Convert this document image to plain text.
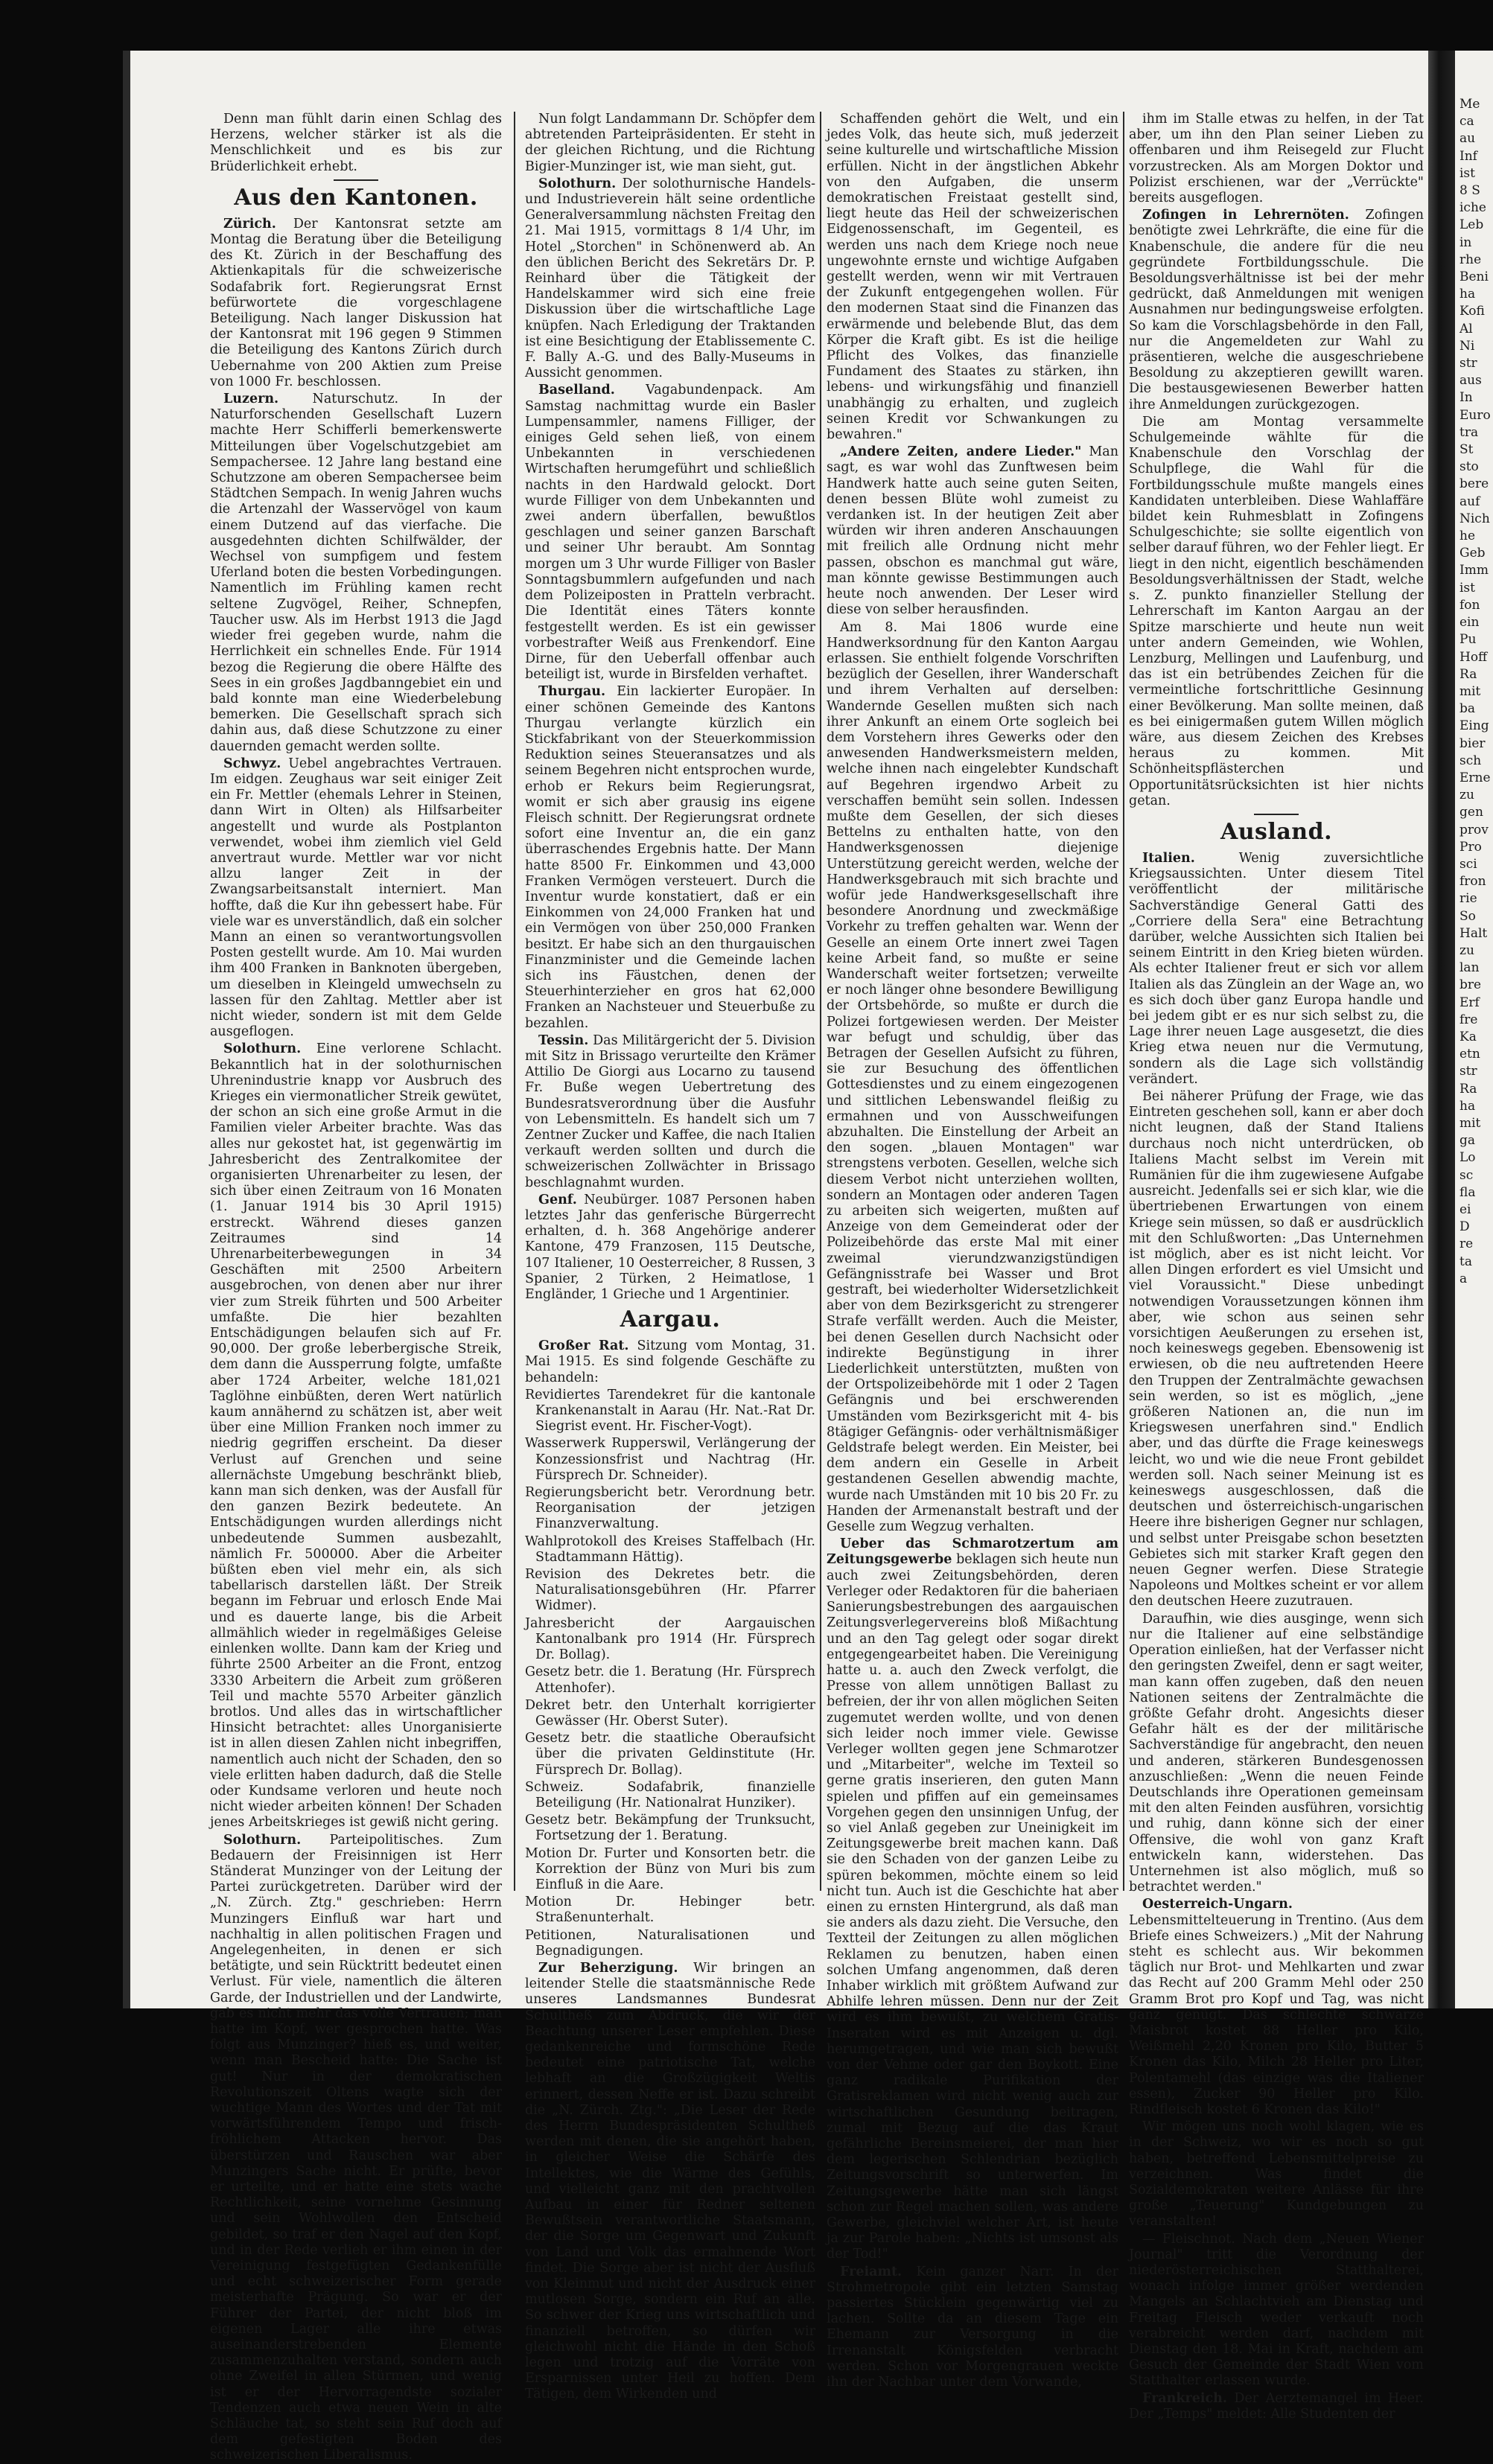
Denn man fühlt darin einen Schlag des Herzens, welcher stärker ist als die Menschlichkeit und es bis zur Brüderlichkeit erhebt.

Aus den Kantonen.

Zürich. Der Kantonsrat setzte am Montag die Beratung über die Beteiligung des Kt. Zürich in der Beschaffung des Aktienkapitals für die schweizerische Sodafabrik fort. Regierungsrat Ernst befürwortete die vorgeschlagene Beteiligung. Nach langer Diskussion hat der Kantonsrat mit 196 gegen 9 Stimmen die Beteiligung des Kantons Zürich durch Uebernahme von 200 Aktien zum Preise von 1000 Fr. beschlossen.

Luzern.	Naturschutz. In der Naturforschenden Gesellschaft Luzern machte Herr Schifferli bemerkenswerte Mitteilungen über Vogelschutzgebiet am Sempachersee. 12 Jahre lang bestand eine Schutzzone am oberen Sempachersee beim Städtchen Sempach. In wenig Jahren wuchs die Artenzahl der Wasservögel von kaum einem Dutzend auf das vierfache. Die ausgedehnten dichten Schilfwälder, der Wechsel von sumpfigem und festem Uferland boten die besten Vorbedingungen. Namentlich im Frühling kamen recht seltene Zugvögel, Reiher, Schnepfen, Taucher usw. Als im Herbst 1913 die Jagd wieder frei gegeben wurde, nahm die Herrlichkeit ein schnelles Ende. Für 1914 bezog die Regierung die obere Hälfte des Sees in ein großes Jagdbanngebiet ein und bald konnte man eine Wiederbelebung bemerken. Die Gesellschaft sprach sich dahin aus, daß diese Schutzzone zu einer dauernden gemacht werden sollte.

Schwyz. Uebel angebrachtes Vertrauen. Im eidgen. Zeughaus war seit einiger Zeit ein Fr. Mettler (ehemals Lehrer in Steinen, dann Wirt in Olten) als Hilfsarbeiter angestellt und wurde als Postplanton verwendet, wobei ihm ziemlich viel Geld anvertraut wurde. Mettler war vor nicht allzu langer Zeit in der Zwangsarbeitsanstalt interniert. Man hoffte, daß die Kur ihn gebessert habe. Für viele war es unverständlich, daß ein solcher Mann an einen so verantwortungsvollen Posten gestellt wurde. Am 10. Mai wurden ihm 400 Franken in Banknoten übergeben, um dieselben in Kleingeld umwechseln zu lassen für den Zahltag. Mettler aber ist nicht wieder, sondern ist mit dem Gelde ausgeflogen.

Solothurn. Eine verlorene Schlacht. Bekanntlich hat in der solothurnischen Uhrenindustrie knapp vor Ausbruch des Krieges ein viermonatlicher Streik gewütet, der schon an sich eine große Armut in die Familien vieler Arbeiter brachte. Was das alles nur gekostet hat, ist gegenwärtig im Jahresbericht des Zentralkomitee der organisierten Uhrenarbeiter zu lesen, der sich über einen Zeitraum von 16 Monaten (1. Januar 1914 bis 30 April 1915) erstreckt. Während dieses ganzen Zeitraumes sind 14 Uhrenarbeiterbewegungen in 34 Geschäften mit 2500 Arbeitern ausgebrochen, von denen aber nur ihrer vier zum Streik führten und 500 Arbeiter umfaßte. Die hier bezahlten Entschädigungen belaufen sich auf Fr. 90,000. Der große leberbergische Streik, dem dann die Aussperrung folgte, umfaßte aber 1724 Arbeiter, welche 181,021 Taglöhne einbüßten, deren Wert natürlich kaum annähernd zu schätzen ist, aber weit über eine Million Franken noch immer zu niedrig gegriffen erscheint. Da dieser Verlust auf Grenchen und seine allernächste Umgebung beschränkt blieb, kann man sich denken, was der Ausfall für den ganzen Bezirk bedeutete. An Entschädigungen wurden allerdings nicht unbedeutende Summen ausbezahlt, nämlich Fr. 500000. Aber die Arbeiter büßten eben viel mehr ein, als sich tabellarisch darstellen läßt. Der Streik begann im Februar und erlosch Ende Mai und es dauerte lange, bis die Arbeit allmählich wieder in regelmäßiges Geleise einlenken wollte. Dann kam der Krieg und führte 2500 Arbeiter an die Front, entzog 3330 Arbeitern die Arbeit zum größeren Teil und machte 5570 Arbeiter gänzlich brotlos. Und alles das in wirtschaftlicher Hinsicht betrachtet: alles Unorganisierte ist in allen diesen Zahlen nicht inbegriffen, namentlich auch nicht der Schaden, den so viele erlitten haben dadurch, daß die Stelle oder Kundsame verloren und heute noch nicht wieder arbeiten können! Der Schaden jenes Arbeitskrieges ist gewiß nicht gering.

Solothurn. Parteipolitisches. Zum Bedauern der Freisinnigen ist Herr Ständerat Munzinger von der Leitung der Partei zurückgetreten. Darüber wird der „N. Zürch. Ztg." geschrieben: Herrn Munzingers Einfluß war hart und nachhaltig in allen politischen Fragen und Angelegenheiten, in denen er sich betätigte, und sein Rücktritt bedeutet einen Verlust. Für viele, namentlich die älteren Garde, der Industriellen und der Landwirte, gab es nicht mehr das volle Vertrauen; man hatte im Kopf, wer gesprochen hatte. Was folgt aus Munzinger? hieß es, und weiter, wenn man Bescheid hatte: Die Sache ist gut! Nur in der demokratischen Revolutionszeit Oltens wagte sich der wuchtige Mann des Wortes und der Tat mit vorwärtsführendem Tempo und frisch-fröhlichem Attacken hervor. Das überstürzen und Rauschen war aber Munzingers Sache nicht. Er prüfte, bevor er urteilte, und er hatte eine stets wache Rechtlichkeit, seine vornehme Gesinnung und sein Wohlwollen den Entscheid gebildet, so traf er den Nagel auf den Kopf, und in der Rede verlieh er ihm einen in der Vereinigung festgefügten Gedankenfülle und echt schweizerischer Form gerade meisterhafte Prägung. So war er der Führer der Partei, der nicht bloß im eigenen Lager alle ihre etwas auseinanderstrebenden Elemente zusammenzuhalten verstand, sondern auch ohne Zweifel in allen Stürmen, und wenig ist er der Hervorragendste sozialer Tendenzen auch etwa neuen Wein in alte Schläuche tat, so steht sein Ruf doch auf dem gefestigten Boden des schweizerischen Liberalismus.

Nun folgt Landammann Dr. Schöpfer dem abtretenden Parteipräsidenten. Er steht in der gleichen Richtung, und die Richtung Bigier-Munzinger ist, wie man sieht, gut.

Solothurn. Der solothurnische Handels- und Industrieverein hält seine ordentliche Generalversammlung nächsten Freitag den 21. Mai 1915, vormittags 8 1/4 Uhr, im Hotel „Storchen" in Schönenwerd ab. An den üblichen Bericht des Sekretärs Dr. P. Reinhard über die Tätigkeit der Handelskammer wird sich eine freie Diskussion über die wirtschaftliche Lage knüpfen. Nach Erledigung der Traktanden ist eine Besichtigung der Etablissemente C. F. Bally A.-G. und des Bally-Museums in Aussicht genommen.

Baselland. Vagabundenpack. Am Samstag nachmittag wurde ein Basler Lumpensammler, namens Filliger, der einiges Geld sehen ließ, von einem Unbekannten in verschiedenen Wirtschaften herumgeführt und schließlich nachts in den Hardwald gelockt. Dort wurde Filliger von dem Unbekannten und zwei andern überfallen, bewußtlos geschlagen und seiner ganzen Barschaft und seiner Uhr beraubt. Am Sonntag morgen um 3 Uhr wurde Filliger von Basler Sonntagsbummlern aufgefunden und nach dem Polizeiposten in Pratteln verbracht. Die Identität eines Täters konnte festgestellt werden. Es ist ein gewisser vorbestrafter Weiß aus Frenkendorf. Eine Dirne, für den Ueberfall offenbar auch beteiligt ist, wurde in Birsfelden verhaftet.

Thurgau. Ein lackierter Europäer. In einer schönen Gemeinde des Kantons Thurgau verlangte kürzlich ein Stickfabrikant von der Steuerkommission Reduktion seines Steueransatzes und als seinem Begehren nicht entsprochen wurde, erhob er Rekurs beim Regierungsrat, womit er sich aber grausig ins eigene Fleisch schnitt. Der Regierungsrat ordnete sofort eine Inventur an, die ein ganz überraschendes Ergebnis hatte. Der Mann hatte 8500 Fr. Einkommen und 43,000 Franken Vermögen versteuert. Durch die Inventur wurde konstatiert, daß er ein Einkommen von 24,000 Franken hat und ein Vermögen von über 250,000 Franken besitzt. Er habe sich an den thurgauischen Finanzminister und die Gemeinde lachen sich ins Fäustchen, denen der Steuerhinterzieher en gros hat 62,000 Franken an Nachsteuer und Steuerbuße zu bezahlen.

Tessin. Das Militärgericht der 5. Division mit Sitz in Brissago verurteilte den Krämer Attilio De Giorgi aus Locarno zu tausend Fr. Buße wegen Uebertretung des Bundesratsverordnung über die Ausfuhr von Lebensmitteln. Es handelt sich um 7 Zentner Zucker und Kaffee, die nach Italien verkauft werden sollten und durch die schweizerischen Zollwächter in Brissago beschlagnahmt wurden.

Genf. Neubürger. 1087 Personen haben letztes Jahr das genferische Bürgerrecht erhalten, d. h. 368 Angehörige anderer Kantone, 479 Franzosen, 115 Deutsche, 107 Italiener, 10 Oesterreicher, 8 Russen, 3 Spanier, 2 Türken, 2 Heimatlose, 1 Engländer, 1 Grieche und 1 Argentinier.

Aargau.

Großer Rat. Sitzung vom Montag, 31. Mai 1915. Es sind folgende Geschäfte zu behandeln:

Revidiertes Tarendekret für die kantonale Krankenanstalt in Aarau (Hr. Nat.-Rat Dr. Siegrist event. Hr. Fischer-Vogt).

Wasserwerk Rupperswil, Verlängerung der Konzessionsfrist und Nachtrag (Hr. Fürsprech Dr. Schneider).

Regierungsbericht betr. Verordnung betr. Reorganisation der jetzigen Finanzverwaltung.

Wahlprotokoll des Kreises Staffelbach (Hr. Stadtammann Hättig).

Revision des Dekretes betr. die Naturalisationsgebühren (Hr. Pfarrer Widmer).

Jahresbericht der Aargauischen Kantonalbank pro 1914 (Hr. Fürsprech Dr. Bollag).

Gesetz betr. die 1. Beratung (Hr. Fürsprech Attenhofer).

Dekret betr. den Unterhalt korrigierter Gewässer (Hr. Oberst Suter).

Gesetz betr. die staatliche Oberaufsicht über die privaten Geldinstitute (Hr. Fürsprech Dr. Bollag).

Schweiz. Sodafabrik, finanzielle Beteiligung (Hr. Nationalrat Hunziker).

Gesetz betr. Bekämpfung der Trunksucht, Fortsetzung der 1. Beratung.

Motion Dr. Furter und Konsorten betr. die Korrektion der Bünz von Muri bis zum Einfluß in die Aare.

Motion Dr. Hebinger betr. Straßenunterhalt.

Petitionen, Naturalisationen und Begnadigungen.

Zur Beherzigung. Wir bringen an leitender Stelle die staatsmännische Rede unseres Landsmannes Bundesrat Schultheß zum Abdruck, die wir der Beachtung unserer Leser empfehlen. Diese gedankenreiche und formschöne Rede bedeutet eine patriotische Tat, welche lebhaft an die Großzügigkeit Weltis erinnert, dessen Neffe er ist. Dazu schreibt die „N. Zürch. Ztg.": „Die Leser der Rede des Herrn Bundespräsidenten Schultheß werden mit denen, die sie angehört haben, in gleicher Weise die Schärfe des Intellektes, wie die Wärme des Gefühls, und vielleicht ganz mit den prachtvollen Aufbau in einer für Redner seltenen Bewußtsein verantwortliche Staatsmann, der die Sorge um Gegenwart und Zukunft von Land und Volk das ermahnende Wort findet. Die Sorge aber ist nicht der Ausfluß von Kleinmut und nicht der Ausdruck einer mutlosen Sorge, sondern ein Ruf an alle. So schwer der Krieg uns wirtschaftlich und finanziell betroffen, so dürfen wir gleichwohl nicht die Hände in den Schoß legen und trotzig auf die Vorräte von Ersparnissen unter Heil zu hoffen. Dem Tätigen, dem Wirkenden und

Schaffenden gehört die Welt, und ein jedes Volk, das heute sich, muß jederzeit seine kulturelle und wirtschaftliche Mission erfüllen. Nicht in der ängstlichen Abkehr von den Aufgaben, die unserm demokratischen Freistaat gestellt sind, liegt heute das Heil der schweizerischen Eidgenossenschaft, im Gegenteil, es werden uns nach dem Kriege noch neue ungewohnte ernste und wichtige Aufgaben gestellt werden, wenn wir mit Vertrauen der Zukunft entgegengehen wollen. Für den modernen Staat sind die Finanzen das erwärmende und belebende Blut, das dem Körper die Kraft gibt. Es ist die heilige Pflicht des Volkes, das finanzielle Fundament des Staates zu stärken, ihn lebens- und wirkungsfähig und finanziell unabhängig zu erhalten, und zugleich seinen Kredit vor Schwankungen zu bewahren."

„Andere Zeiten, andere Lieder." Man sagt, es war wohl das Zunftwesen beim Handwerk hatte auch seine guten Seiten, denen bessen Blüte wohl zumeist zu verdanken ist. In der heutigen Zeit aber würden wir ihren anderen Anschauungen mit freilich alle Ordnung nicht mehr passen, obschon es manchmal gut wäre, man könnte gewisse Bestimmungen auch heute noch anwenden. Der Leser wird diese von selber herausfinden.

Am 8. Mai 1806 wurde eine Handwerksordnung für den Kanton Aargau erlassen. Sie enthielt folgende Vorschriften bezüglich der Gesellen, ihrer Wanderschaft und ihrem Verhalten auf derselben: Wandernde Gesellen mußten sich nach ihrer Ankunft an einem Orte sogleich bei dem Vorstehern ihres Gewerks oder den anwesenden Handwerksmeistern melden, welche ihnen nach eingelebter Kundschaft auf Begehren irgendwo Arbeit zu verschaffen bemüht sein sollen. Indessen mußte dem Gesellen, der sich dieses Bettelns zu enthalten hatte, von den Handwerksgenossen diejenige Unterstützung gereicht werden, welche der Handwerksgebrauch mit sich brachte und wofür jede Handwerksgesellschaft ihre besondere Anordnung und zweckmäßige Vorkehr zu treffen gehalten war. Wenn der Geselle an einem Orte innert zwei Tagen keine Arbeit fand, so mußte er seine Wanderschaft weiter fortsetzen; verweilte er noch länger ohne besondere Bewilligung der Ortsbehörde, so mußte er durch die Polizei fortgewiesen werden. Der Meister war befugt und schuldig, über das Betragen der Gesellen Aufsicht zu führen, sie zur Besuchung des öffentlichen Gottesdienstes und zu einem eingezogenen und sittlichen Lebenswandel fleißig zu ermahnen und von Ausschweifungen abzuhalten. Die Einstellung der Arbeit an den sogen. „blauen Montagen" war strengstens verboten. Gesellen, welche sich diesem Verbot nicht unterziehen wollten, sondern an Montagen oder anderen Tagen zu arbeiten sich weigerten, mußten auf Anzeige von dem Gemeinderat oder der Polizeibehörde das erste Mal mit einer zweimal vierundzwanzigstündigen Gefängnisstrafe bei Wasser und Brot gestraft, bei wiederholter Widersetzlichkeit aber von dem Bezirksgericht zu strengerer Strafe verfällt werden. Auch die Meister, bei denen Gesellen durch Nachsicht oder indirekte Begünstigung in ihrer Liederlichkeit unterstützten, mußten von der Ortspolizeibehörde mit 1 oder 2 Tagen Gefängnis und bei erschwerenden Umständen vom Bezirksgericht mit 4- bis 8tägiger Gefängnis- oder verhältnismäßiger Geldstrafe belegt werden. Ein Meister, bei dem andern ein Geselle in Arbeit gestandenen Gesellen abwendig machte, wurde nach Umständen mit 10 bis 20 Fr. zu Handen der Armenanstalt bestraft und der Geselle zum Wegzug verhalten.

Ueber das Schmarotzertum am Zeitungsgewerbe beklagen sich heute nun auch zwei Zeitungsbehörden, deren Verleger oder Redaktoren für die baheriaen Sanierungsbestrebungen des aargauischen Zeitungsverlegervereins bloß Mißachtung und an den Tag gelegt oder sogar direkt entgegengearbeitet haben. Die Vereinigung hatte u. a. auch den Zweck verfolgt, die Presse von allem unnötigen Ballast zu befreien, der ihr von allen möglichen Seiten zugemutet werden wollte, und von denen sich leider noch immer viele. Gewisse Verleger wollten gegen jene Schmarotzer und „Mitarbeiter", welche im Texteil so gerne gratis inserieren, den guten Mann spielen und pfiffen auf ein gemeinsames Vorgehen gegen den unsinnigen Unfug, der so viel Anlaß gegeben zur Uneinigkeit im Zeitungsgewerbe breit machen kann. Daß sie den Schaden von der ganzen Leibe zu spüren bekommen, möchte einem so leid nicht tun. Auch ist die Geschichte hat aber einen zu ernsten Hintergrund, als daß man sie anders als dazu zieht. Die Versuche, den Textteil der Zeitungen zu allen möglichen Reklamen zu benutzen, haben einen solchen Umfang angenommen, daß deren Inhaber wirklich mit größtem Aufwand zur Abhilfe lehren müssen. Denn nur der Zeit wird es ihm bewußt, zu welchem Gratis-Inseraten wird es mit Anzeigen u. dgl. herumgetragen, und wie man sich bewußt von der Vehme oder gar den Boykott. Eine ganz radikale Purifikation der Gratisreklamen wird nicht wenig auch zur wirtschaftlichen Gesundung beitragen, zumal mit Bezug auf die das Kraut gefährliche Bereinsmeierei, der man hier dem legerischen Schlendrian bezüglich Zeitungsvorschrift so unterwerfen. Im Zeitungsgewerbe hätte man sich längst schon zur Regel machen sollen, was andere Gewerbe, gleichviel welcher Art, ist heute ja zur Parole haben: „Nichts ist umsonst als der Tod!"

Freiamt. Kein ganzer Narr. In der Strohmetropole gibt ein letzten Samstag passiertes Stücklein gegenwärtig viel zu lachen. Sollte da an diesem Tage ein Ehemann zur Versorgung in die Irrenanstalt Königsfelden verbracht werden. Schon vor Morgengrauen weckte ihn der Nachbar unter dem Vorwande,

ihm im Stalle etwas zu helfen, in der Tat aber, um ihn den Plan seiner Lieben zu offenbaren und ihm Reisegeld zur Flucht vorzustrecken. Als am Morgen Doktor und Polizist erschienen, war der „Verrückte" bereits ausgeflogen.

Zofingen in Lehrernöten. Zofingen benötigte zwei Lehrkräfte, die eine für die Knabenschule, die andere für die neu gegründete Fortbildungsschule. Die Besoldungsverhältnisse ist bei der mehr gedrückt, daß Anmeldungen mit wenigen Ausnahmen nur bedingungsweise erfolgten. So kam die Vorschlagsbehörde in den Fall, nur die Angemeldeten zur Wahl zu präsentieren, welche die ausgeschriebene Besoldung zu akzeptieren gewillt waren. Die bestausgewiesenen Bewerber hatten ihre Anmeldungen zurückgezogen.

Die am Montag versammelte Schulgemeinde wählte für die Knabenschule den Vorschlag der Schulpflege, die Wahl für die Fortbildungsschule mußte mangels eines Kandidaten unterbleiben. Diese Wahlaffäre bildet kein Ruhmesblatt in Zofingens Schulgeschichte; sie sollte eigentlich von selber darauf führen, wo der Fehler liegt. Er liegt in den nicht, eigentlich beschämenden Besoldungsverhältnissen der Stadt, welche s. Z. punkto finanzieller Stellung der Lehrerschaft im Kanton Aargau an der Spitze marschierte und heute nun weit unter andern Gemeinden, wie Wohlen, Lenzburg, Mellingen und Laufenburg, und das ist ein betrübendes Zeichen für die vermeintliche fortschrittliche Gesinnung einer Bevölkerung. Man sollte meinen, daß es bei einigermaßen gutem Willen möglich wäre, aus diesem Zeichen des Krebses heraus zu kommen. Mit Schönheitspflästerchen und Opportunitätsrücksichten ist hier nichts getan.

Ausland.

Italien.	Wenig zuversichtliche Kriegsaussichten. Unter diesem Titel veröffentlicht der militärische Sachverständige General Gatti des „Corriere della Sera" eine Betrachtung darüber, welche Aussichten sich Italien bei seinem Eintritt in den Krieg bieten würden. Als echter Italiener freut er sich vor allem Italien als das Zünglein an der Wage an, wo es sich doch über ganz Europa handle und bei jedem gibt er es nur sich selbst zu, die Lage ihrer neuen Lage ausgesetzt, die dies Krieg etwa neuen nur die Vermutung, sondern als die Lage sich vollständig verändert.

Bei näherer Prüfung der Frage, wie das Eintreten geschehen soll, kann er aber doch nicht leugnen, daß der Stand Italiens durchaus noch nicht unterdrücken, ob Italiens Macht selbst im Verein mit Rumänien für die ihm zugewiesene Aufgabe ausreicht. Jedenfalls sei er sich klar, wie die übertriebenen Erwartungen von einem Kriege sein müssen, so daß er ausdrücklich mit den Schlußworten: „Das Unternehmen ist möglich, aber es ist nicht leicht. Vor allen Dingen erfordert es viel Umsicht und viel Voraussicht." Diese unbedingt notwendigen Voraussetzungen können ihm aber, wie schon aus seinen sehr vorsichtigen Aeußerungen zu ersehen ist, noch keineswegs gegeben. Ebensowenig ist erwiesen, ob die neu auftretenden Heere den Truppen der Zentralmächte gewachsen sein werden, so ist es möglich, „jene größeren Nationen an, die nun im Kriegswesen unerfahren sind." Endlich aber, und das dürfte die Frage keineswegs leicht, wo und wie die neue Front gebildet werden soll. Nach seiner Meinung ist es keineswegs ausgeschlossen, daß die deutschen und österreichisch-ungarischen Heere ihre bisherigen Gegner nur schlagen, und selbst unter Preisgabe schon besetzten Gebietes sich mit starker Kraft gegen den neuen Gegner werfen. Diese Strategie Napoleons und Moltkes scheint er vor allem den deutschen Heere zuzutrauen.

Daraufhin, wie dies ausginge, wenn sich nur die Italiener auf eine selbständige Operation einließen, hat der Verfasser nicht den geringsten Zweifel, denn er sagt weiter, man kann offen zugeben, daß den neuen Nationen seitens der Zentralmächte die größte Gefahr droht. Angesichts dieser Gefahr hält es der der militärische Sachverständige für angebracht, den neuen und anderen, stärkeren Bundesgenossen anzuschließen: „Wenn die neuen Feinde Deutschlands ihre Operationen gemeinsam mit den alten Feinden ausführen, vorsichtig und ruhig, dann könne sich der einer Offensive, die wohl von ganz Kraft entwickeln kann, widerstehen. Das Unternehmen ist also möglich, muß so betrachtet werden."

Oesterreich-Ungarn. Lebensmittelteuerung in Trentino. (Aus dem Briefe eines Schweizers.) „Mit der Nahrung steht es schlecht aus. Wir bekommen täglich nur Brot- und Mehlkarten und zwar das Recht auf 200 Gramm Mehl oder 250 Gramm Brot pro Kopf und Tag, was nicht ganz genügt. Das schlechte schwarze Maisbrot kostet 88 Heller pro Kilo, Weißmehl 2,20 Kronen pro Kilo, Butter 5 Kronen das Kilo, Milch 28 Heller pro Liter, Polentamehl (das einzige was die Italiener essen), Zucker 90 Heller pro Kilo. Rindfleisch kostet 6 Kronen das Kilo!"

Wir mögen uns noch wohl klagen, wie es in der Schweiz, wo wir es noch so gut haben, betreffend Lebensmittelpreise zu verzeichnen. Was findet die Sozialdemokraten weitere Anlässe für ihre große „Teuerung" Kundgebungen zu veranstalten!

— Fleischnot. Nach dem „Neuen Wiener Journal" tritt die Verordnung der niederösterreichischen Statthalterei, wonach infolge immer größer werdenden Mangels an Schlachtvieh am Dienstag und Freitag Fleisch weder verkauft noch verabreicht werden darf, nachdem mit Dienstag den 18. Mai in Kraft, nachdem am Gesuch der Gemeinde der Stadt Wien vom Statthalter erlassen wurde.

Frankreich. Der Aerztemangel im Heer. Der „Temps" meldet: Alle Studenten der

Me

ca

au

Inf

ist

8 S

iche

Leb

in

rhe

Beni

ha

Kofi

Al

Ni

str

aus

In

Euro

tra

St

sto

bere

auf

Nich

he

Geb

Imm

ist

fon

ein

Pu

Hoff

Ra

mit

ba

Eing

bier

sch

Erne

zu

gen

prov

Pro

sci

fron

rie

So

Halt

zu

lan

bre

Erf

fre

Ka

etn

str

Ra

ha

mit

ga

Lo

sc

fla

ei

D

re

ta

a
